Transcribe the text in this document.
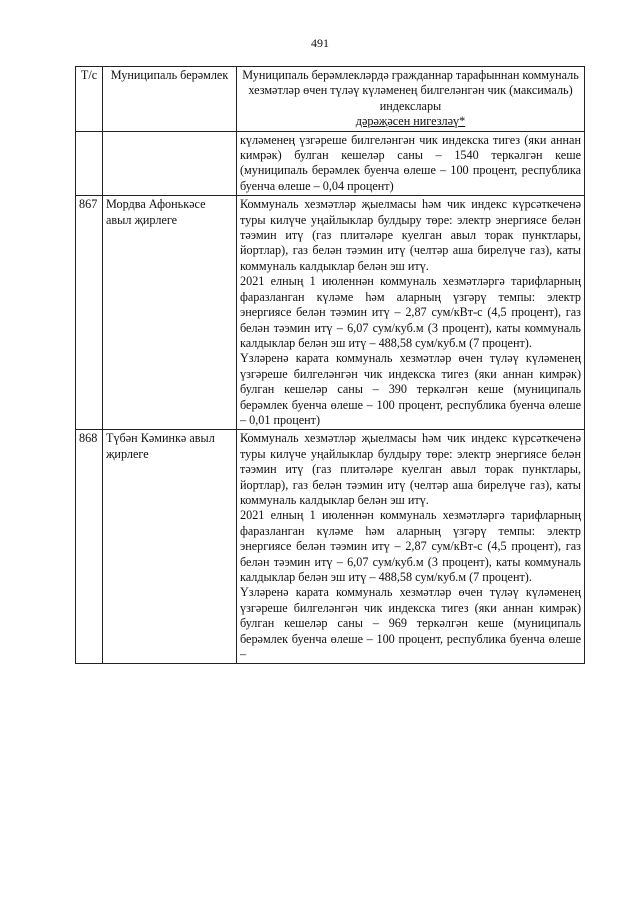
491
Т/с	Муниципаль берәмлек	Муниципаль берәмлекләрдә гражданнар тарафыннан коммуналь хезмәтләр өчен түләү күләменең билгеләнгән чик (максималь) индекслары
дәрәҗәсен нигезләү*

		күләменең үзгәреше билгеләнгән чик индекска тигез (яки аннан кимрәк) булган кешеләр саны – 1540 теркәлгән кеше (муниципаль берәмлек буенча өлеше – 100 процент, республика буенча өлеше – 0,04 процент)

867	Мордва Афонькәсе авыл җирлеге	Коммуналь хезмәтләр җыелмасы һәм чик индекс күрсәткеченә туры килүче уңайлыклар булдыру төре: электр энергиясе белән тәэмин итү (газ плитәләре куелган авыл торак пунктлары, йортлар), газ белән тәэмин итү (челтәр аша бирелүче газ), каты коммуналь калдыклар белән эш итү.
2021 елның 1 июленнән коммуналь хезмәтләргә тарифларның фаразланган күләме һәм аларның үзгәрү темпы: электр энергиясе белән тәэмин итү – 2,87 сум/кВт-с (4,5 процент), газ белән тәэмин итү – 6,07 сум/куб.м (3 процент), каты коммуналь калдыклар белән эш итү – 488,58 сум/куб.м (7 процент).
Үзләренә карата коммуналь хезмәтләр өчен түләү күләменең үзгәреше билгеләнгән чик индекска тигез (яки аннан кимрәк) булган кешеләр саны – 390 теркәлгән кеше (муниципаль берәмлек буенча өлеше – 100 процент, республика буенча өлеше – 0,01 процент)

868	Түбән Кәминкә авыл җирлеге	Коммуналь хезмәтләр җыелмасы һәм чик индекс күрсәткеченә туры килүче уңайлыклар булдыру төре: электр энергиясе белән тәэмин итү (газ плитәләре куелган авыл торак пунктлары, йортлар), газ белән тәэмин итү (челтәр аша бирелүче газ), каты коммуналь калдыклар белән эш итү.
2021 елның 1 июленнән коммуналь хезмәтләргә тарифларның фаразланган күләме һәм аларның үзгәрү темпы: электр энергиясе белән тәэмин итү – 2,87 сум/кВт-с (4,5 процент), газ белән тәэмин итү – 6,07 сум/куб.м (3 процент), каты коммуналь калдыклар белән эш итү – 488,58 сум/куб.м (7 процент).
Үзләренә карата коммуналь хезмәтләр өчен түләү күләменең үзгәреше билгеләнгән чик индекска тигез (яки аннан кимрәк) булган кешеләр саны – 969 теркәлгән кеше (муниципаль берәмлек буенча өлеше – 100 процент, республика буенча өлеше –
